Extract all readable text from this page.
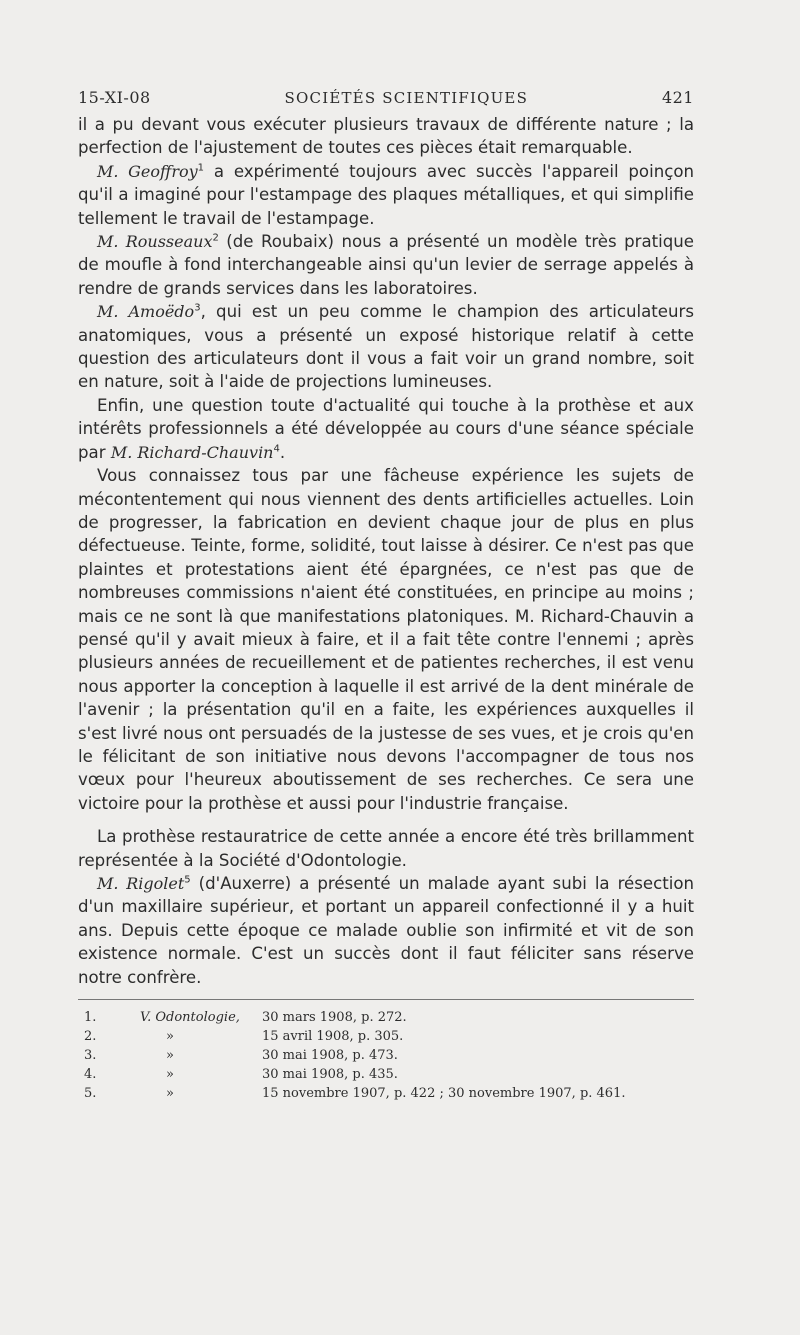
15-XI-08	SOCIÉTÉS SCIENTIFIQUES	421

il a pu devant vous exécuter plusieurs travaux de différente nature ; la perfection de l'ajustement de toutes ces pièces était remarquable.

M. Geoffroy$^1$ a expérimenté toujours avec succès l'appareil poinçon qu'il a imaginé pour l'estampage des plaques métalliques, et qui simplifie tellement le travail de l'estampage.

M. Rousseaux$^2$ (de Roubaix) nous a présenté un modèle très pratique de moufle à fond interchangeable ainsi qu'un levier de serrage appelés à rendre de grands services dans les laboratoires.

M. Amoëdo$^3$, qui est un peu comme le champion des articulateurs anatomiques, vous a présenté un exposé historique relatif à cette question des articulateurs dont il vous a fait voir un grand nombre, soit en nature, soit à l'aide de projections lumineuses.

Enfin, une question toute d'actualité qui touche à la prothèse et aux intérêts professionnels a été développée au cours d'une séance spéciale par M. Richard-Chauvin$^4$.

Vous connaissez tous par une fâcheuse expérience les sujets de mécontentement qui nous viennent des dents artificielles actuelles. Loin de progresser, la fabrication en devient chaque jour de plus en plus défectueuse. Teinte, forme, solidité, tout laisse à désirer. Ce n'est pas que plaintes et protestations aient été épargnées, ce n'est pas que de nombreuses commissions n'aient été constituées, en principe au moins ; mais ce ne sont là que manifestations platoniques. M. Richard-Chauvin a pensé qu'il y avait mieux à faire, et il a fait tête contre l'ennemi ; après plusieurs années de recueillement et de patientes recherches, il est venu nous apporter la conception à laquelle il est arrivé de la dent minérale de l'avenir ; la présentation qu'il en a faite, les expériences auxquelles il s'est livré nous ont persuadés de la justesse de ses vues, et je crois qu'en le félicitant de son initiative nous devons l'accompagner de tous nos vœux pour l'heureux aboutissement de ses recherches. Ce sera une victoire pour la prothèse et aussi pour l'industrie française.

La prothèse restauratrice de cette année a encore été très brillamment représentée à la Société d'Odontologie.

M. Rigolet$^5$ (d'Auxerre) a présenté un malade ayant subi la résection d'un maxillaire supérieur, et portant un appareil confectionné il y a huit ans. Depuis cette époque ce malade oublie son infirmité et vit de son existence normale. C'est un succès dont il faut féliciter sans réserve notre confrère.

1.	V. Odontologie,	30 mars 1908, p. 272.
2.	»	15 avril 1908, p. 305.
3.	»	30 mai 1908, p. 473.
4.	»	30 mai 1908, p. 435.
5.	»	15 novembre 1907, p. 422 ; 30 novembre 1907, p. 461.
